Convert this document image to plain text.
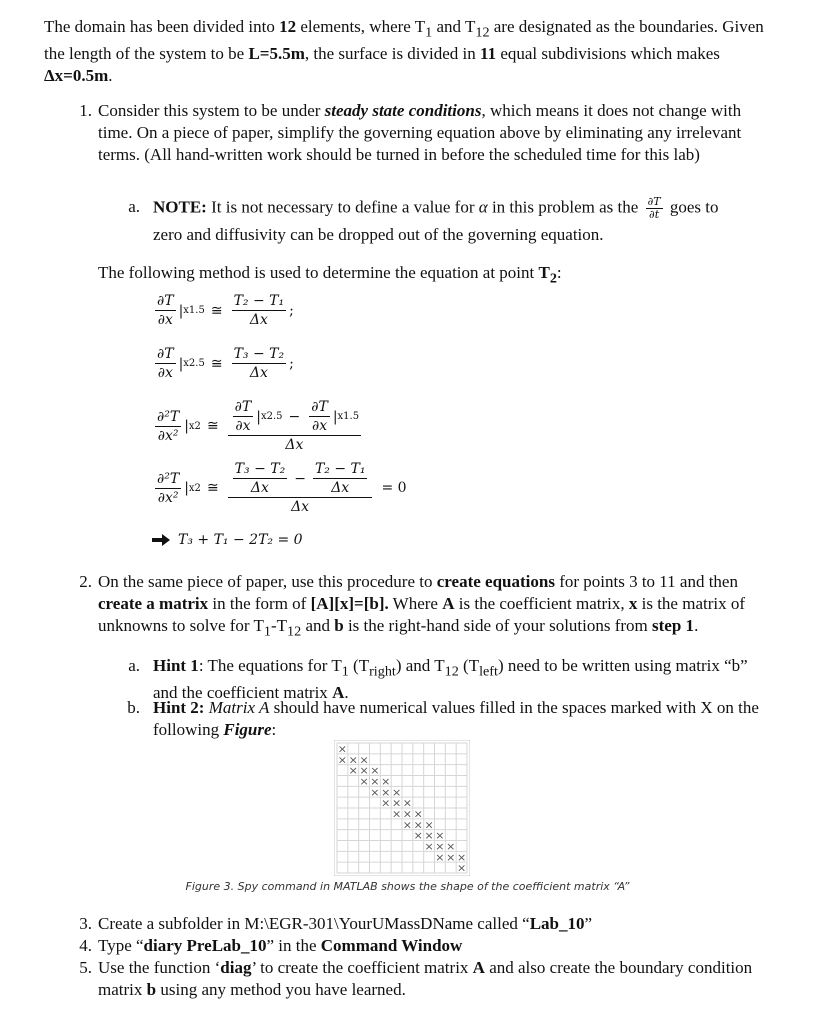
The domain has been divided into 12 elements, where $T_1$ and $T_{12}$ are designated as the boundaries. Given the length of the system to be L=5.5m, the surface is divided in 11 equal subdivisions which makes Δx=0.5m.
1. Consider this system to be under steady state conditions, which means it does not change with time. On a piece of paper, simplify the governing equation above by eliminating any irrelevant terms. (All hand-written work should be turned in before the scheduled time for this lab)
a. NOTE: It is not necessary to define a value for α in this problem as the $\frac{\partial T}{\partial t}$ goes to
zero and diffusivity can be dropped out of the governing equation.
The following method is used to determine the equation at point $T_2$:
$\frac{\partial T}{\partial x}$ | x1.5 ≅ $\frac{\text{T₂ − T₁}}{\Delta x}$ ;
$\frac{\partial T}{\partial x}$ | x2.5 ≅ $\frac{\text{T₃ − T₂}}{\Delta x}$ ;
$\frac{\text{∂²T}}{\text{∂x²}}$ | x2 ≅ $\frac{\frac{\partial T}{\partial x} | x2.5 - \frac{\partial T}{\partial x} | x1.5}{\Delta x}$
$\frac{\text{∂²T}}{\text{∂x²}}$ | x2 ≅ $\frac{\frac{\text{T₃ − T₂}}{\Delta x} - \frac{\text{T₂ − T₁}}{\Delta x}}{\Delta x} = 0$
T₃ + T₁ − 2T₂ = 0
2. On the same piece of paper, use this procedure to create equations for points 3 to 11 and then create a matrix in the form of [A][x]=[b]. Where A is the coefficient matrix, x is the matrix of unknowns to solve for $T_1-T_{12}$ and b is the right-hand side of your solutions from step 1.
a. Hint 1: The equations for $T_1$ $(T_{right})$ and $T_{12}$ $(T_{left})$ need to be written using matrix “b” and the coefficient matrix A.
b. Hint 2: Matrix A should have numerical values filled in the spaces marked with X on the following Figure:
×
× × ×
× × ×
× × ×
× × ×
× × ×
× × ×
× × ×
× × ×
× × ×
× × ×
×
Figure 3. Spy command in MATLAB shows the shape of the coefficient matrix “A”
3. Create a subfolder in M:\EGR-301\YourUMassDName called “Lab_10”
4. Type “diary PreLab_10” in the Command Window
5. Use the function ‘diag’ to create the coefficient matrix A and also create the boundary condition matrix b using any method you have learned.
